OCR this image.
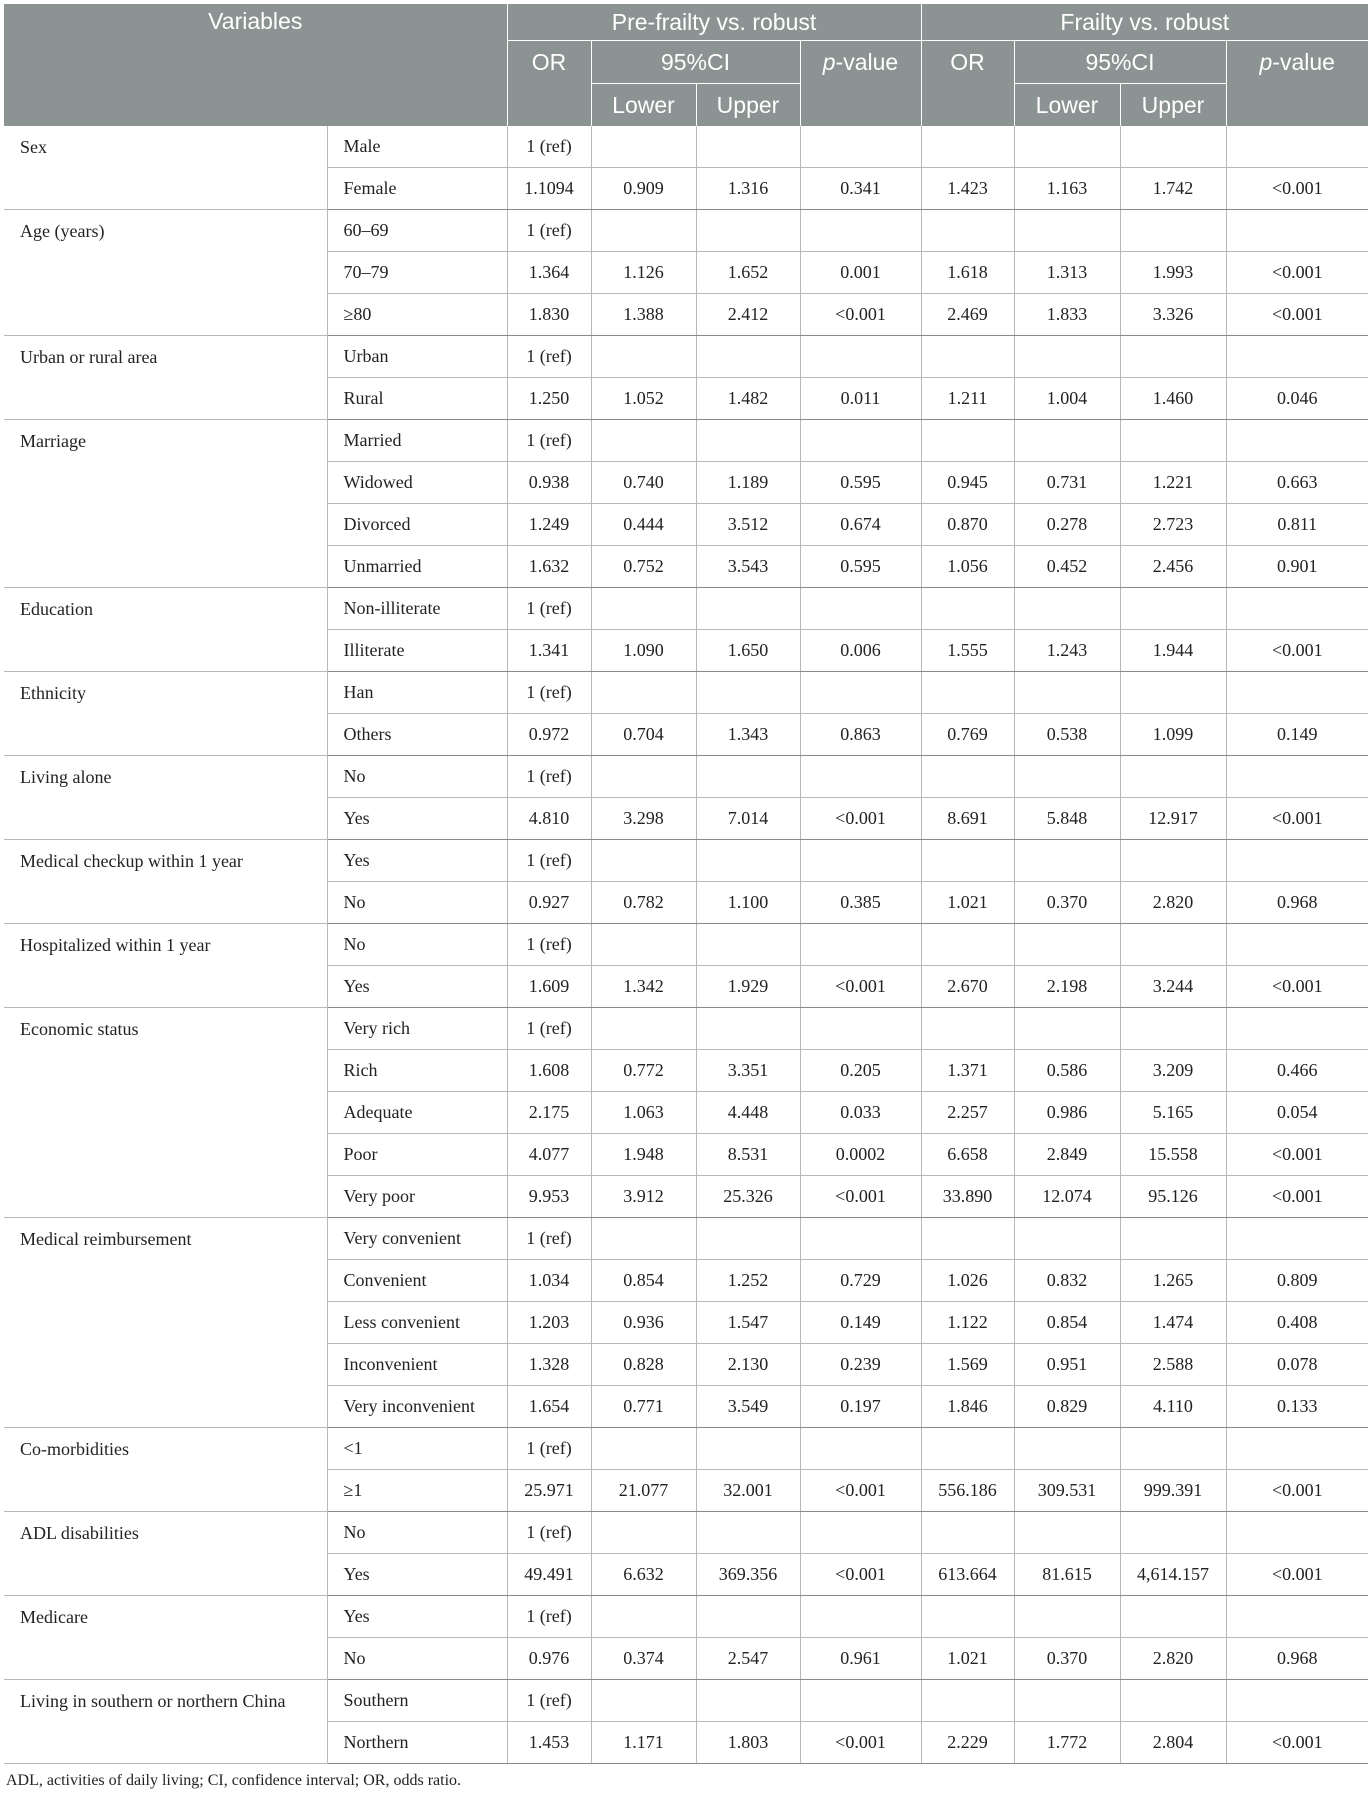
Variables		Pre-frailty vs. robust				Frailty vs. robust			
		OR	95%CI		p-value	OR	95%CI		p-value
			Lower	Upper			Lower	Upper	
Sex	Male	1 (ref)							
	Female	1.1094	0.909	1.316	0.341	1.423	1.163	1.742	<0.001
Age (years)	60–69	1 (ref)							
	70–79	1.364	1.126	1.652	0.001	1.618	1.313	1.993	<0.001
	≥80	1.830	1.388	2.412	<0.001	2.469	1.833	3.326	<0.001
Urban or rural area	Urban	1 (ref)							
	Rural	1.250	1.052	1.482	0.011	1.211	1.004	1.460	0.046
Marriage	Married	1 (ref)							
	Widowed	0.938	0.740	1.189	0.595	0.945	0.731	1.221	0.663
	Divorced	1.249	0.444	3.512	0.674	0.870	0.278	2.723	0.811
	Unmarried	1.632	0.752	3.543	0.595	1.056	0.452	2.456	0.901
Education	Non-illiterate	1 (ref)							
	Illiterate	1.341	1.090	1.650	0.006	1.555	1.243	1.944	<0.001
Ethnicity	Han	1 (ref)							
	Others	0.972	0.704	1.343	0.863	0.769	0.538	1.099	0.149
Living alone	No	1 (ref)							
	Yes	4.810	3.298	7.014	<0.001	8.691	5.848	12.917	<0.001
Medical checkup within 1 year	Yes	1 (ref)							
	No	0.927	0.782	1.100	0.385	1.021	0.370	2.820	0.968
Hospitalized within 1 year	No	1 (ref)							
	Yes	1.609	1.342	1.929	<0.001	2.670	2.198	3.244	<0.001
Economic status	Very rich	1 (ref)							
	Rich	1.608	0.772	3.351	0.205	1.371	0.586	3.209	0.466
	Adequate	2.175	1.063	4.448	0.033	2.257	0.986	5.165	0.054
	Poor	4.077	1.948	8.531	0.0002	6.658	2.849	15.558	<0.001
	Very poor	9.953	3.912	25.326	<0.001	33.890	12.074	95.126	<0.001
Medical reimbursement	Very convenient	1 (ref)							
	Convenient	1.034	0.854	1.252	0.729	1.026	0.832	1.265	0.809
	Less convenient	1.203	0.936	1.547	0.149	1.122	0.854	1.474	0.408
	Inconvenient	1.328	0.828	2.130	0.239	1.569	0.951	2.588	0.078
	Very inconvenient	1.654	0.771	3.549	0.197	1.846	0.829	4.110	0.133
Co-morbidities	<1	1 (ref)							
	≥1	25.971	21.077	32.001	<0.001	556.186	309.531	999.391	<0.001
ADL disabilities	No	1 (ref)							
	Yes	49.491	6.632	369.356	<0.001	613.664	81.615	4,614.157	<0.001
Medicare	Yes	1 (ref)							
	No	0.976	0.374	2.547	0.961	1.021	0.370	2.820	0.968
Living in southern or northern China	Southern	1 (ref)							
	Northern	1.453	1.171	1.803	<0.001	2.229	1.772	2.804	<0.001
ADL, activities of daily living; CI, confidence interval; OR, odds ratio.
